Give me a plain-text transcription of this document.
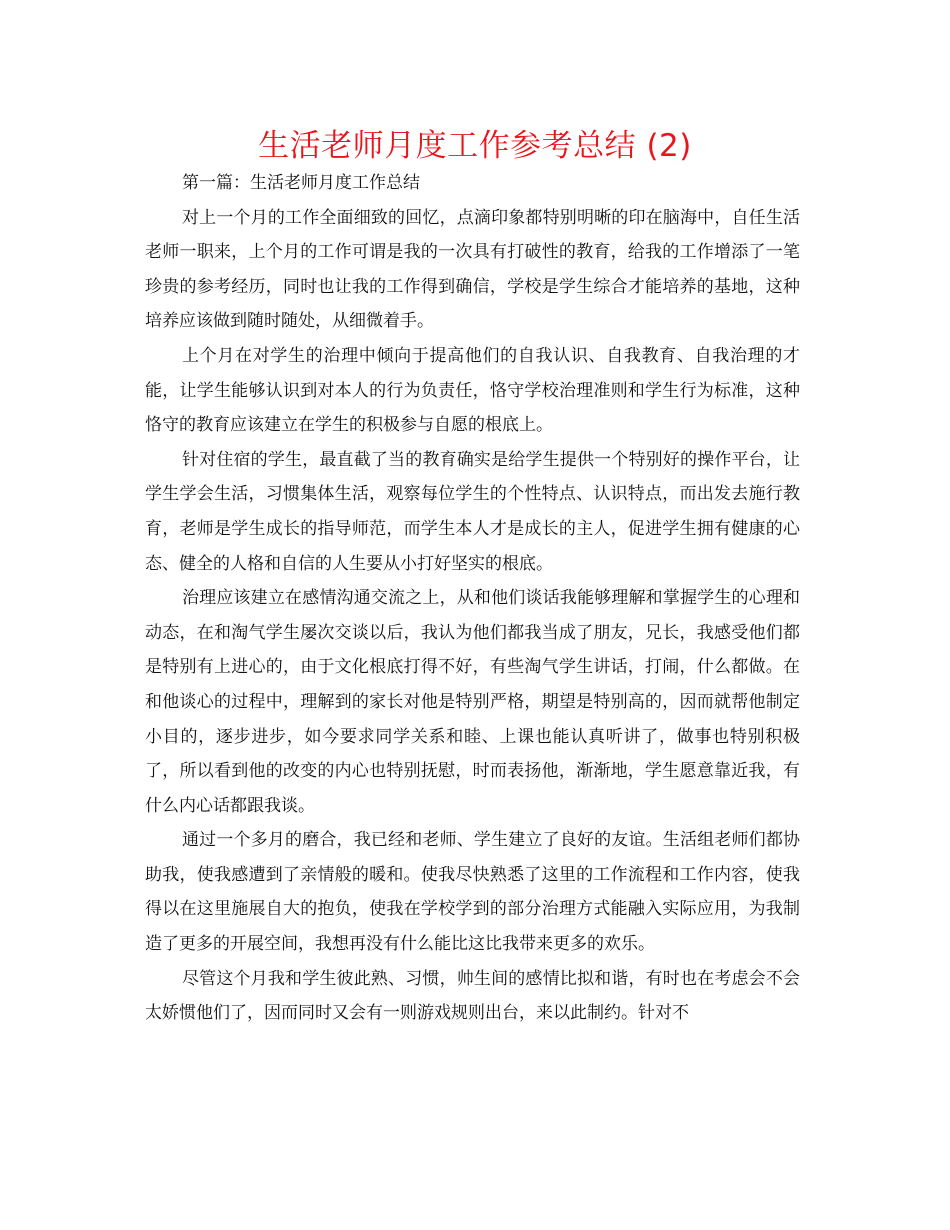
生活老师月度工作参考总结 (2)

第一篇：生活老师月度工作总结

对上一个月的工作全面细致的回忆，点滴印象都特别明晰的印在脑海中，自任生活老师一职来，上个月的工作可谓是我的一次具有打破性的教育，给我的工作增添了一笔珍贵的参考经历，同时也让我的工作得到确信，学校是学生综合才能培养的基地，这种培养应该做到随时随处，从细微着手。

上个月在对学生的治理中倾向于提高他们的自我认识、自我教育、自我治理的才能，让学生能够认识到对本人的行为负责任，恪守学校治理准则和学生行为标准，这种恪守的教育应该建立在学生的积极参与自愿的根底上。

针对住宿的学生，最直截了当的教育确实是给学生提供一个特别好的操作平台，让学生学会生活，习惯集体生活，观察每位学生的个性特点、认识特点，而出发去施行教育，老师是学生成长的指导师范，而学生本人才是成长的主人，促进学生拥有健康的心态、健全的人格和自信的人生要从小打好坚实的根底。

治理应该建立在感情沟通交流之上，从和他们谈话我能够理解和掌握学生的心理和动态，在和淘气学生屡次交谈以后，我认为他们都我当成了朋友，兄长，我感受他们都是特别有上进心的，由于文化根底打得不好，有些淘气学生讲话，打闹，什么都做。在和他谈心的过程中，理解到的家长对他是特别严格，期望是特别高的，因而就帮他制定小目的，逐步进步，如今要求同学关系和睦、上课也能认真听讲了，做事也特别积极了，所以看到他的改变的内心也特别抚慰，时而表扬他，渐渐地，学生愿意靠近我，有什么内心话都跟我谈。

通过一个多月的磨合，我已经和老师、学生建立了良好的友谊。生活组老师们都协助我，使我感遭到了亲情般的暖和。使我尽快熟悉了这里的工作流程和工作内容，使我得以在这里施展自大的抱负，使我在学校学到的部分治理方式能融入实际应用，为我制造了更多的开展空间，我想再没有什么能比这比我带来更多的欢乐。

尽管这个月我和学生彼此熟、习惯，帅生间的感情比拟和谐，有时也在考虑会不会太娇惯他们了，因而同时又会有一则游戏规则出台，来以此制约。针对不
